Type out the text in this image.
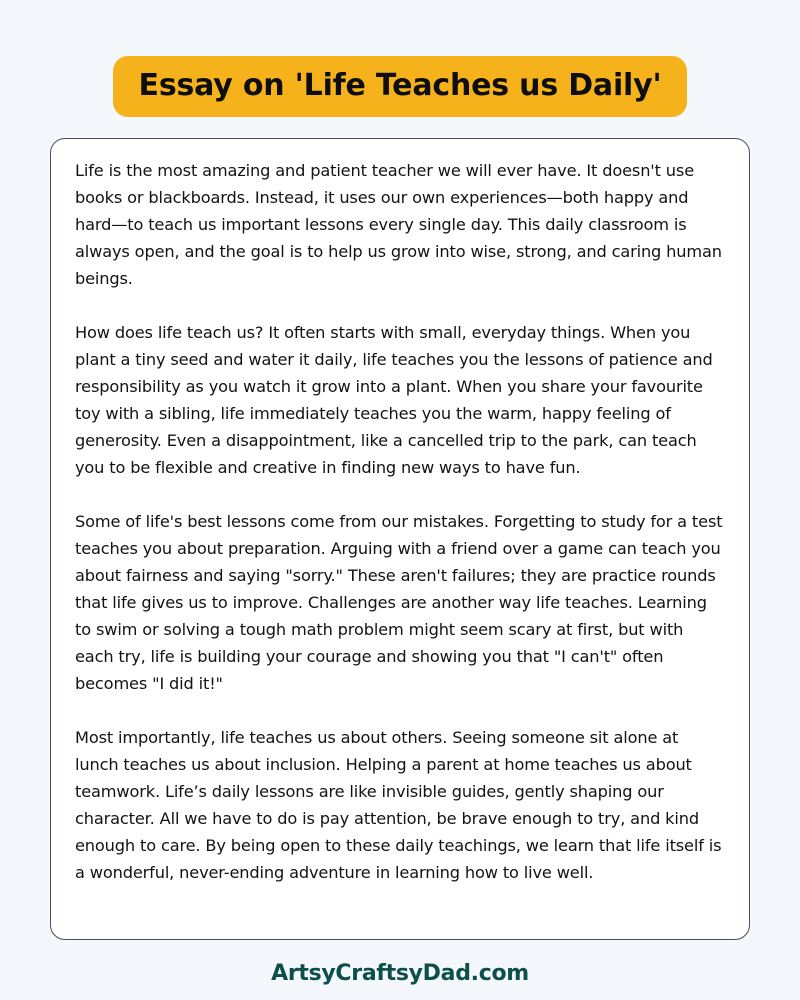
Essay on 'Life Teaches us Daily'

Life is the most amazing and patient teacher we will ever have. It doesn't use books or blackboards. Instead, it uses our own experiences—both happy and hard—to teach us important lessons every single day. This daily classroom is always open, and the goal is to help us grow into wise, strong, and caring human beings.

How does life teach us? It often starts with small, everyday things. When you plant a tiny seed and water it daily, life teaches you the lessons of patience and responsibility as you watch it grow into a plant. When you share your favourite toy with a sibling, life immediately teaches you the warm, happy feeling of generosity. Even a disappointment, like a cancelled trip to the park, can teach you to be flexible and creative in finding new ways to have fun.

Some of life's best lessons come from our mistakes. Forgetting to study for a test teaches you about preparation. Arguing with a friend over a game can teach you about fairness and saying "sorry." These aren't failures; they are practice rounds that life gives us to improve. Challenges are another way life teaches. Learning to swim or solving a tough math problem might seem scary at first, but with each try, life is building your courage and showing you that "I can't" often becomes "I did it!"

Most importantly, life teaches us about others. Seeing someone sit alone at lunch teaches us about inclusion. Helping a parent at home teaches us about teamwork. Life’s daily lessons are like invisible guides, gently shaping our character. All we have to do is pay attention, be brave enough to try, and kind enough to care. By being open to these daily teachings, we learn that life itself is a wonderful, never-ending adventure in learning how to live well.

ArtsyCraftsyDad.com
